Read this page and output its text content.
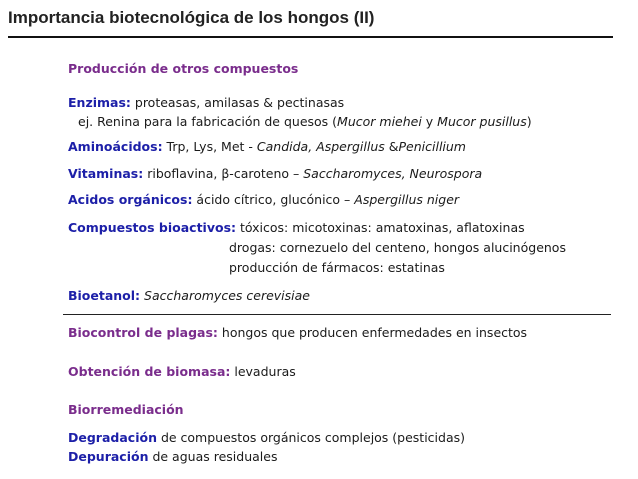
Importancia biotecnológica de los hongos (II)
Producción de otros compuestos
Enzimas: proteasas, amilasas & pectinasas
ej. Renina para la fabricación de quesos (Mucor miehei y Mucor pusillus)
Aminoácidos: Trp, Lys, Met - Candida, Aspergillus &Penicillium
Vitaminas: riboflavina, β-caroteno – Saccharomyces, Neurospora
Acidos orgánicos: ácido cítrico, glucónico – Aspergillus niger
Compuestos bioactivos: tóxicos: micotoxinas: amatoxinas, aflatoxinas
drogas: cornezuelo del centeno, hongos alucinógenos
producción de fármacos: estatinas
Bioetanol: Saccharomyces cerevisiae
Biocontrol de plagas: hongos que producen enfermedades en insectos
Obtención de biomasa: levaduras
Biorremediación
Degradación de compuestos orgánicos complejos (pesticidas)
Depuración de aguas residuales
